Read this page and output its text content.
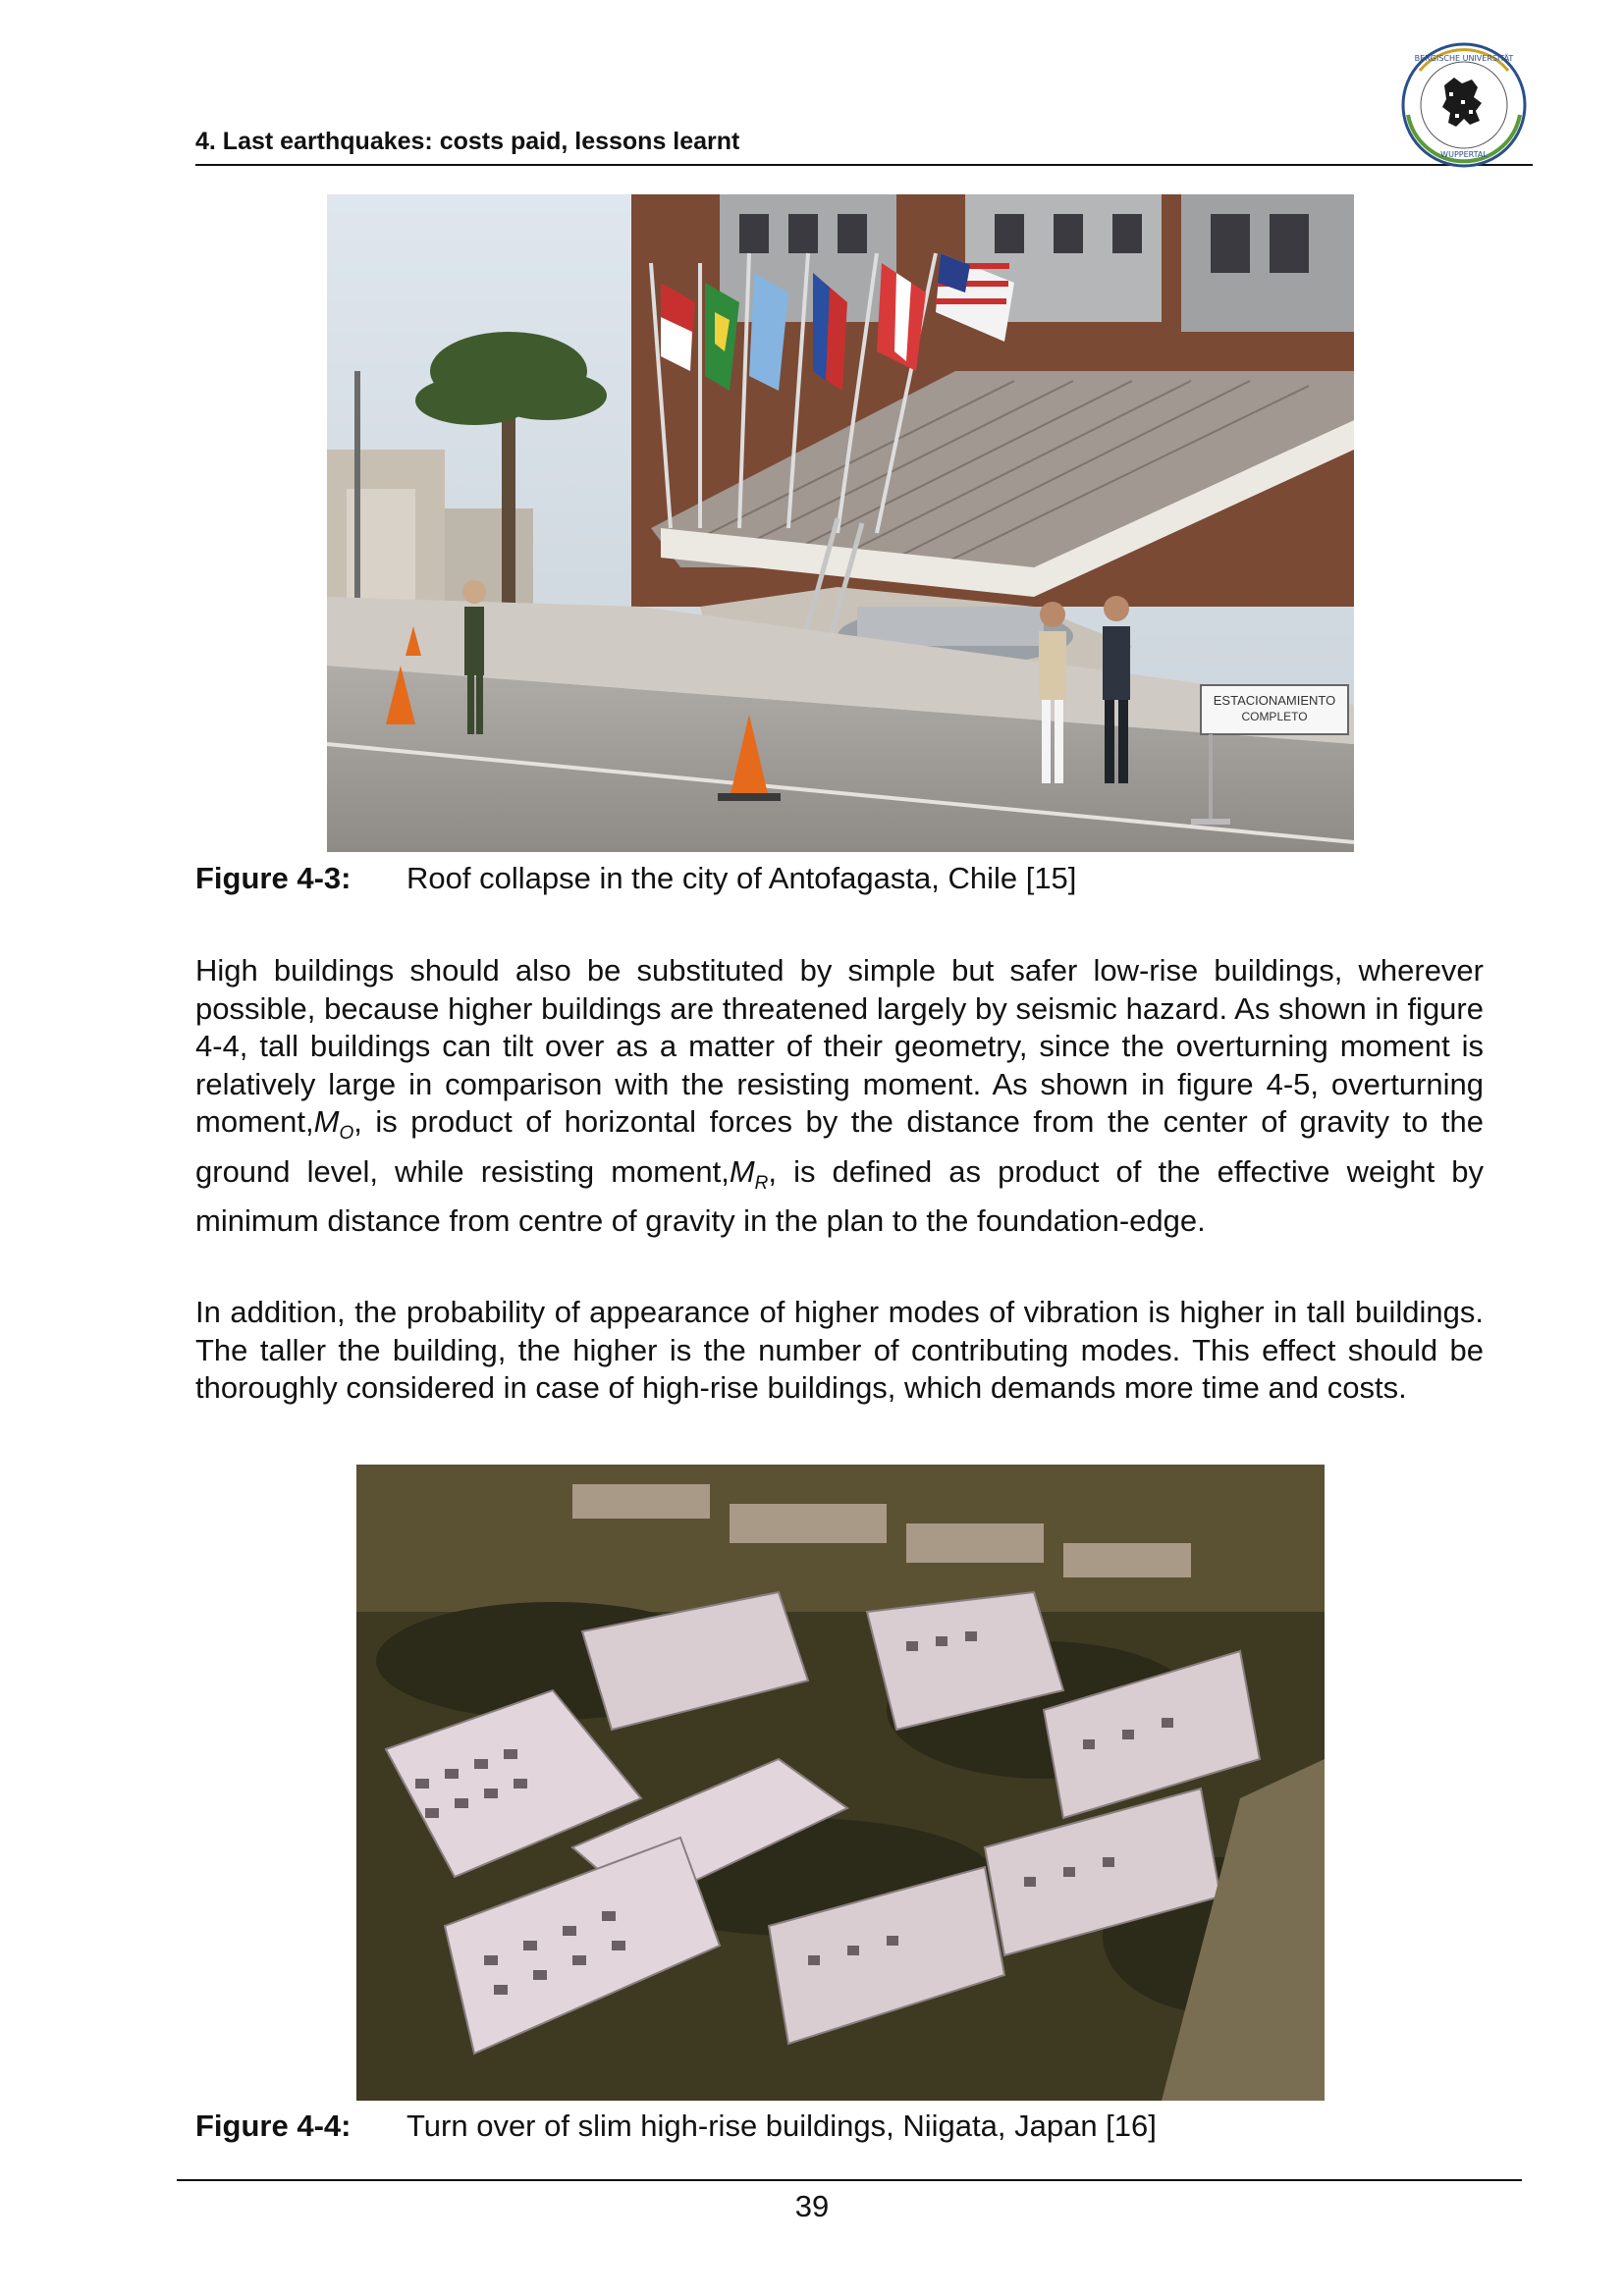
4. Last earthquakes: costs paid, lessons learnt
BERGISCHE UNIVERSITÄT
WUPPERTAL
ESTACIONAMIENTO
COMPLETO
Figure 4-3: Roof collapse in the city of Antofagasta, Chile [15]
High buildings should also be substituted by simple but safer low-rise buildings, wherever possible, because higher buildings are threatened largely by seismic hazard. As shown in figure 4-4, tall buildings can tilt over as a matter of their geometry, since the overturning moment is relatively large in comparison with the resisting moment. As shown in figure 4-5, overturning $moment,M_O$, is product of horizontal forces by the distance from the center of gravity to the ground level, while resisting $moment,M_R$, is defined as product of the effective weight by minimum distance from centre of gravity in the plan to the foundation-edge.
In addition, the probability of appearance of higher modes of vibration is higher in tall buildings. The taller the building, the higher is the number of contributing modes. This effect should be thoroughly considered in case of high-rise buildings, which demands more time and costs.
Figure 4-4: Turn over of slim high-rise buildings, Niigata, Japan [16]
39
